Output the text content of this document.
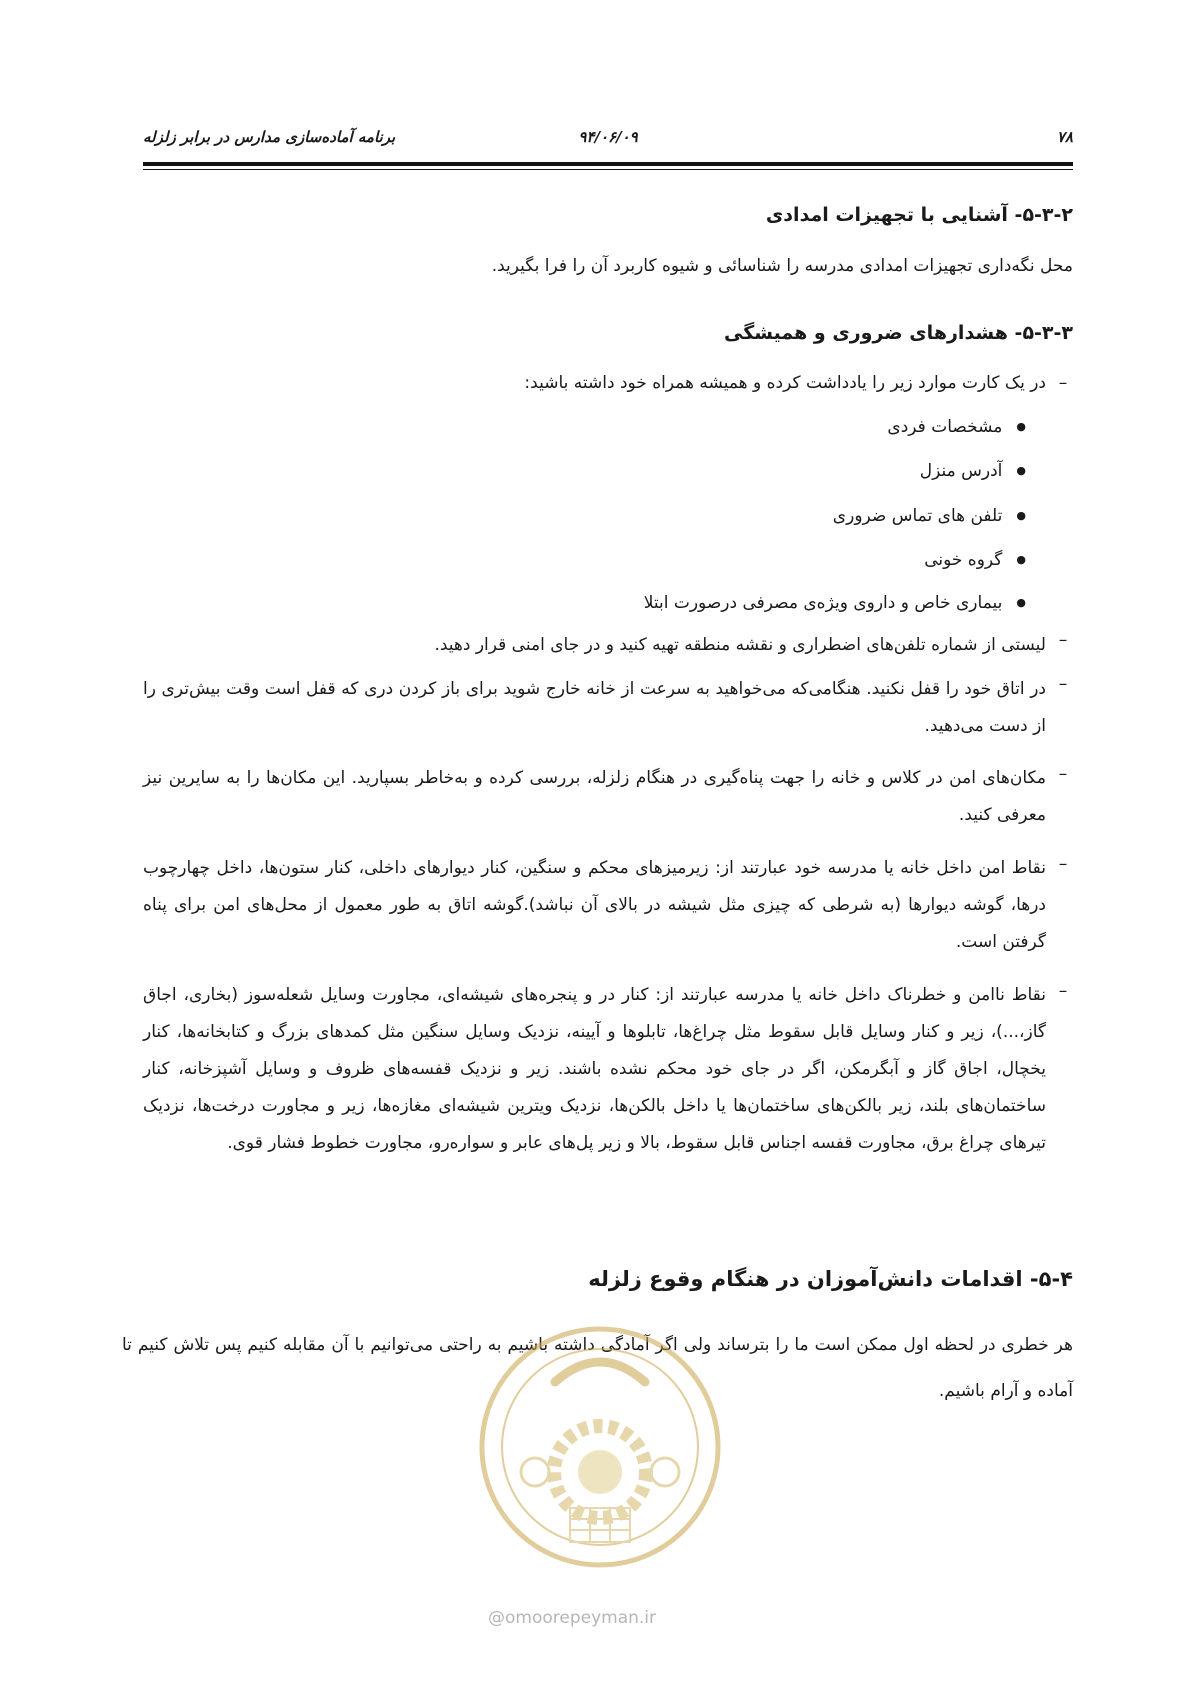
۷۸
۹۴/۰۶/۰۹
برنامه آماده‌سازی مدارس در برابر زلزله
۵-۳-۲- آشنایی با تجهیزات امدادی
محل نگه‌داری تجهیزات امدادی مدرسه را شناسائی و شیوه کاربرد آن را فرا بگیرید.
۵-۳-۳- هشدارهای ضروری و همیشگی
–
در یک کارت موارد زیر را یادداشت کرده و همیشه همراه خود داشته باشید:
● مشخصات فردی
● آدرس منزل
● تلفن های تماس ضروری
● گروه خونی
● بیماری خاص و داروی ویژه‌ی مصرفی درصورت ابتلا
–
لیستی از شماره تلفن‌های اضطراری و نقشه منطقه تهیه کنید و در جای امنی قرار دهید.
–
در اتاق خود را قفل نکنید. هنگامی‌که می‌خواهید به سرعت از خانه خارج شوید برای باز کردن دری که قفل است وقت بیش‌تری را از دست می‌دهید.
–
مکان‌های امن در کلاس و خانه را جهت پناه‌گیری در هنگام زلزله، بررسی کرده و به‌خاطر بسپارید. این مکان‌ها را به سایرین نیز معرفی کنید.
–
نقاط امن داخل خانه یا مدرسه خود عبارتند از: زیرمیزهای محکم و سنگین، کنار دیوارهای داخلی، کنار ستون‌ها، داخل چهارچوب درها، گوشه دیوارها (به شرطی که چیزی مثل شیشه در بالای آن نباشد).گوشه اتاق به طور معمول از محل‌های امن برای پناه گرفتن است.
–
نقاط ناامن و خطرناک داخل خانه یا مدرسه عبارتند از: کنار در و پنجره‌های شیشه‌ای، مجاورت وسایل شعله‌سوز (بخاری، اجاق گاز،...)، زیر و کنار وسایل قابل سقوط مثل چراغ‌ها، تابلوها و آیینه، نزدیک وسایل سنگین مثل کمدهای بزرگ و کتابخانه‌ها، کنار یخچال، اجاق گاز و آبگرمکن، اگر در جای خود محکم نشده باشند. زیر و نزدیک قفسه‌های ظروف و وسایل آشپزخانه، کنار ساختمان‌های بلند، زیر بالکن‌های ساختمان‌ها یا داخل بالکن‌ها، نزدیک ویترین شیشه‌ای مغازه‌ها، زیر و مجاورت درخت‌ها، نزدیک تیرهای چراغ برق، مجاورت قفسه اجناس قابل سقوط، بالا و زیر پل‌های عابر و سواره‌رو، مجاورت خطوط فشار قوی.
۵-۴- اقدامات دانش‌آموزان در هنگام وقوع زلزله
هر خطری در لحظه اول ممکن است ما را بترساند ولی اگر آمادگی داشته باشیم به راحتی می‌توانیم با آن مقابله کنیم پس تلاش کنیم تا آماده و آرام باشیم.
@omoorepeyman.ir
